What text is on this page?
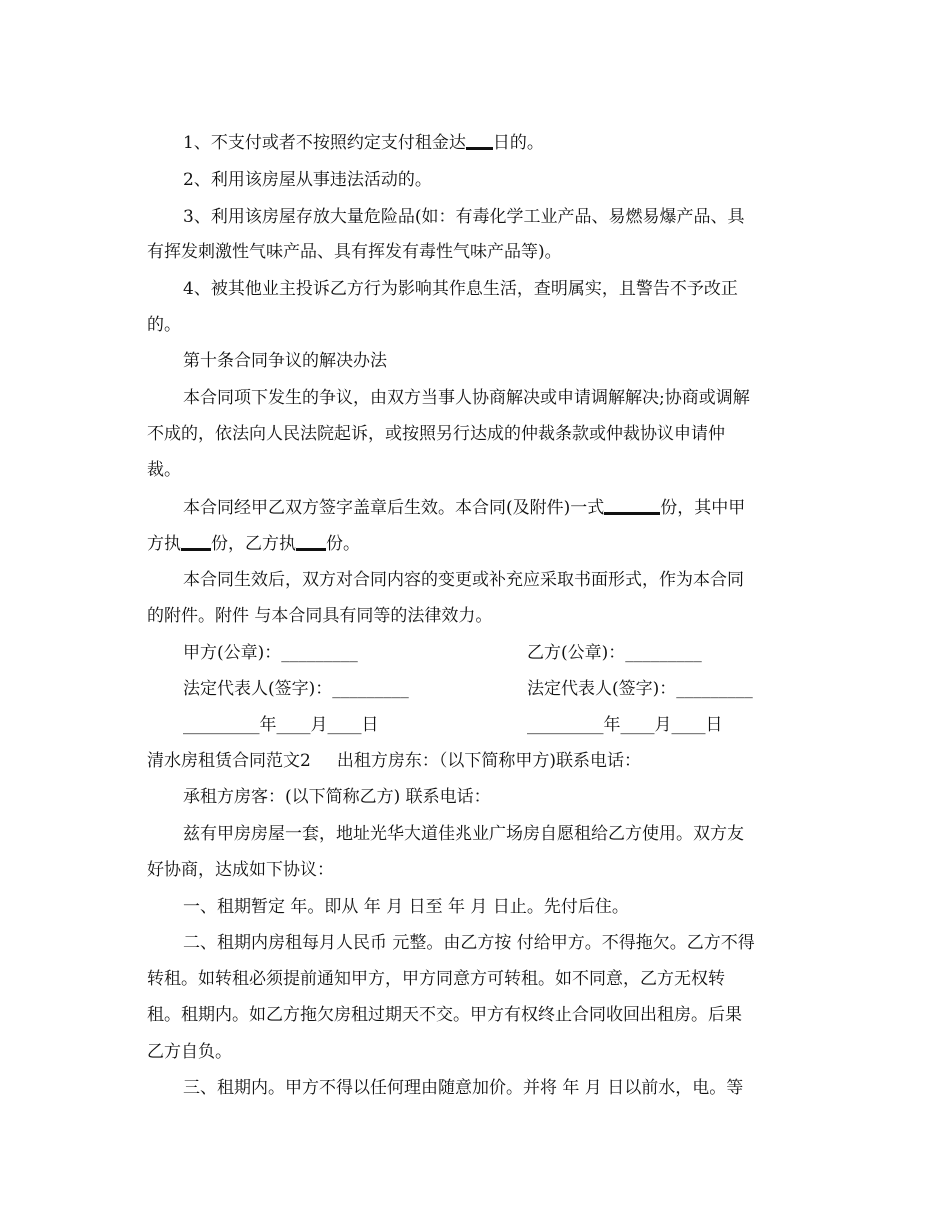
1、不支付或者不按照约定支付租金达 日的。
2、利用该房屋从事违法活动的。
3、利用该房屋存放大量危险品(如：有毒化学工业产品、易燃易爆产品、具
有挥发刺激性气味产品、具有挥发有毒性气味产品等)。
4、被其他业主投诉乙方行为影响其作息生活，查明属实，且警告不予改正
的。
第十条合同争议的解决办法
本合同项下发生的争议，由双方当事人协商解决或申请调解解决;协商或调解
不成的，依法向人民法院起诉，或按照另行达成的仲裁条款或仲裁协议申请仲
裁。
本合同经甲乙双方签字盖章后生效。本合同(及附件)一式	份，其中甲
方执 份，乙方执 份。
本合同生效后，双方对合同内容的变更或补充应采取书面形式，作为本合同
的附件。附件 与本合同具有同等的法律效力。
甲方(公章)：_________	乙方(公章)：_________
法定代表人(签字)：_________	法定代表人(签字)：_________
_________年____月____日	_________年____月____日
清水房租赁合同范文2 出租方房东：（以下简称甲方)联系电话：
承租方房客：(以下简称乙方) 联系电话：
兹有甲房房屋一套，地址光华大道佳兆业广场房自愿租给乙方使用。双方友
好协商，达成如下协议：
一、租期暂定 年。即从 年 月 日至 年 月 日止。先付后住。
二、租期内房租每月人民币 元整。由乙方按 付给甲方。不得拖欠。乙方不得
转租。如转租必须提前通知甲方，甲方同意方可转租。如不同意，乙方无权转
租。租期内。如乙方拖欠房租过期天不交。甲方有权终止合同收回出租房。后果
乙方自负。
三、租期内。甲方不得以任何理由随意加价。并将 年 月 日以前水，电。等
